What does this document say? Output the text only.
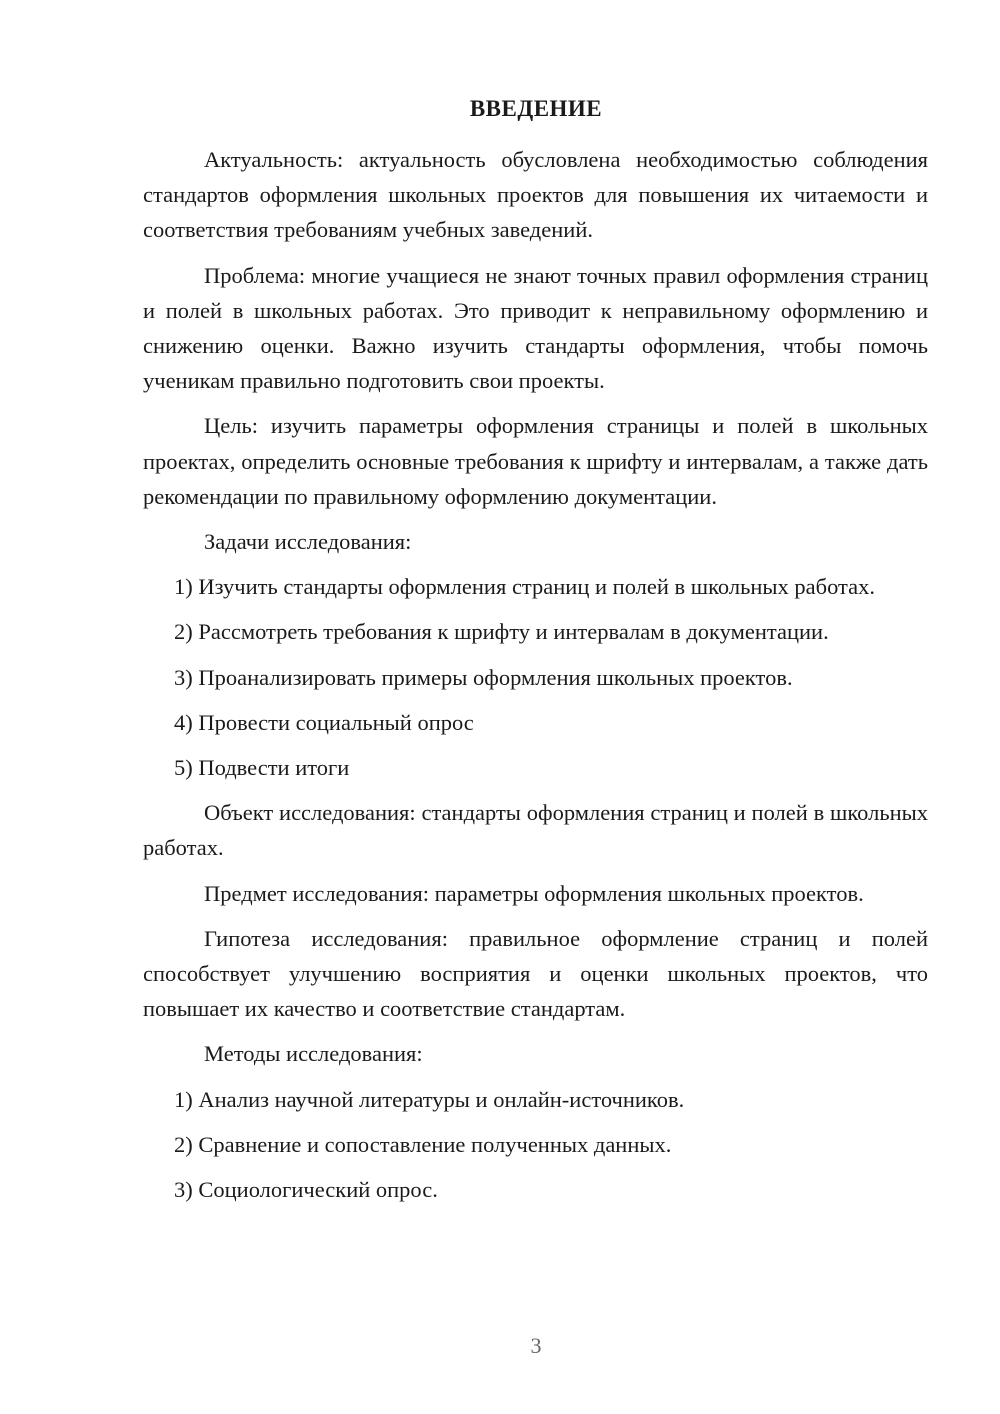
ВВЕДЕНИЕ

Актуальность: актуальность обусловлена необходимостью соблюдения стандартов оформления школьных проектов для повышения их читаемости и соответствия требованиям учебных заведений.

Проблема: многие учащиеся не знают точных правил оформления страниц и полей в школьных работах. Это приводит к неправильному оформлению и снижению оценки. Важно изучить стандарты оформления, чтобы помочь ученикам правильно подготовить свои проекты.

Цель: изучить параметры оформления страницы и полей в школьных проектах, определить основные требования к шрифту и интервалам, а также дать рекомендации по правильному оформлению документации.

Задачи исследования:

1) Изучить стандарты оформления страниц и полей в школьных работах.

2) Рассмотреть требования к шрифту и интервалам в документации.

3) Проанализировать примеры оформления школьных проектов.

4) Провести социальный опрос

5) Подвести итоги

Объект исследования: стандарты оформления страниц и полей в школьных работах.

Предмет исследования: параметры оформления школьных проектов.

Гипотеза исследования: правильное оформление страниц и полей способствует улучшению восприятия и оценки школьных проектов, что повышает их качество и соответствие стандартам.

Методы исследования:

1) Анализ научной литературы и онлайн-источников.

2) Сравнение и сопоставление полученных данных.

3) Социологический опрос.

3
